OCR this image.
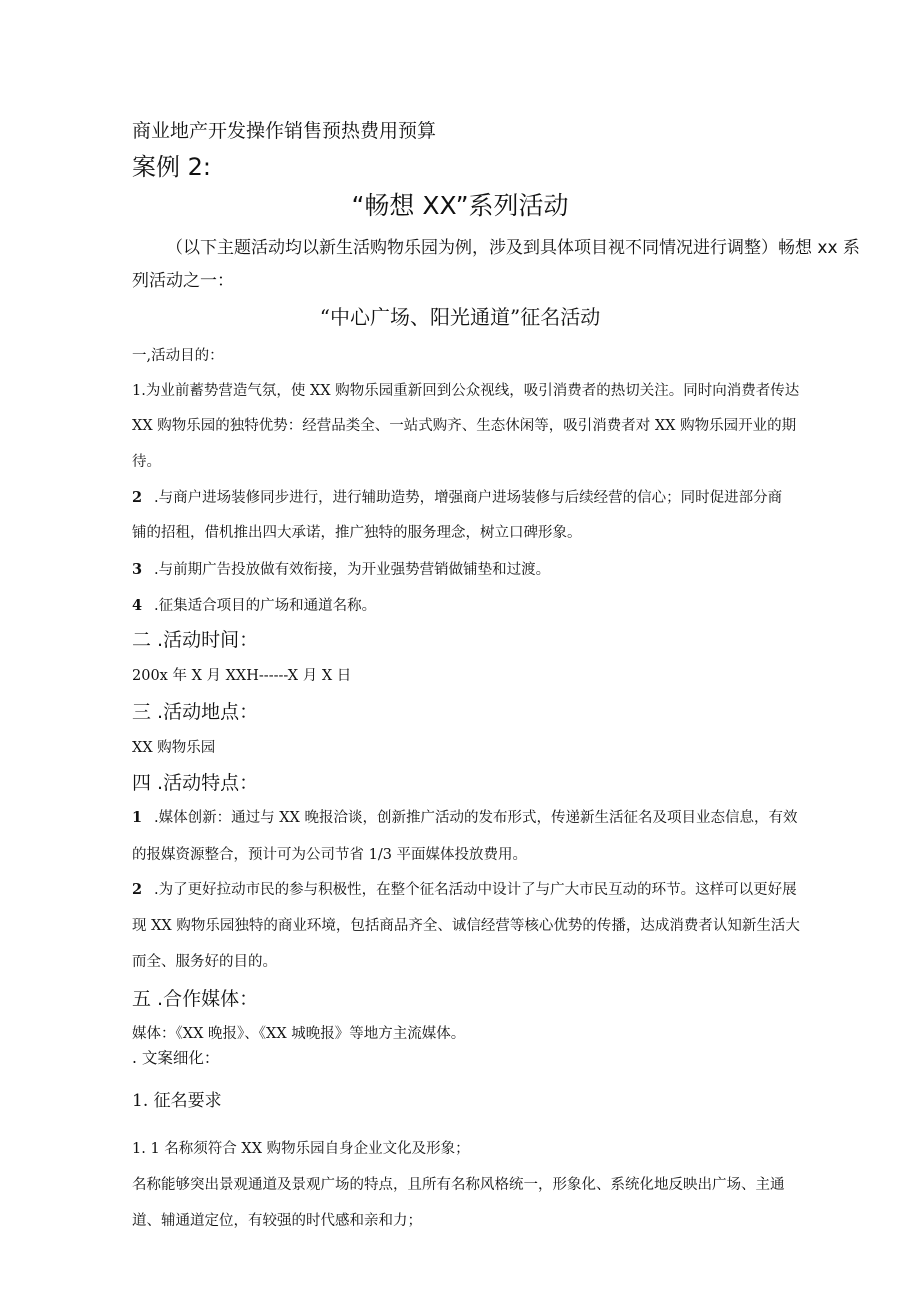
商业地产开发操作销售预热费用预算
案例 2:
“畅想 XX”系列活动
（以下主题活动均以新生活购物乐园为例，涉及到具体项目视不同情况进行调整）畅想 xx 系
列活动之一：
“中心广场、阳光通道”征名活动
一,活动目的：
1.为业前蓄势营造气氛，使 XX 购物乐园重新回到公众视线，吸引消费者的热切关注。同时向消费者传达
XX 购物乐园的独特优势：经营品类全、一站式购齐、生态休闲等，吸引消费者对 XX 购物乐园开业的期
待。
2 .与商户进场装修同步进行，进行辅助造势，增强商户进场装修与后续经营的信心；同时促进部分商
铺的招租，借机推出四大承诺，推广独特的服务理念，树立口碑形象。
3 .与前期广告投放做有效衔接，为开业强势营销做铺垫和过渡。
4 .征集适合项目的广场和通道名称。
二 .活动时间：
200x 年 X 月 XXH------X 月 X 日
三 .活动地点：
XX 购物乐园
四 .活动特点：
1 .媒体创新：通过与 XX 晚报洽谈，创新推广活动的发布形式，传递新生活征名及项目业态信息，有效
的报媒资源整合，预计可为公司节省 1/3 平面媒体投放费用。
2 .为了更好拉动市民的参与积极性，在整个征名活动中设计了与广大市民互动的环节。这样可以更好展
现 XX 购物乐园独特的商业环境，包括商品齐全、诚信经营等核心优势的传播，达成消费者认知新生活大
而全、服务好的目的。
五 .合作媒体：
媒体：《XX 晚报》、《XX 城晚报》等地方主流媒体。
. 文案细化：
1. 征名要求
1. 1 名称须符合 XX 购物乐园自身企业文化及形象；
名称能够突出景观通道及景观广场的特点，且所有名称风格统一，形象化、系统化地反映出广场、主通
道、辅通道定位，有较强的时代感和亲和力；
